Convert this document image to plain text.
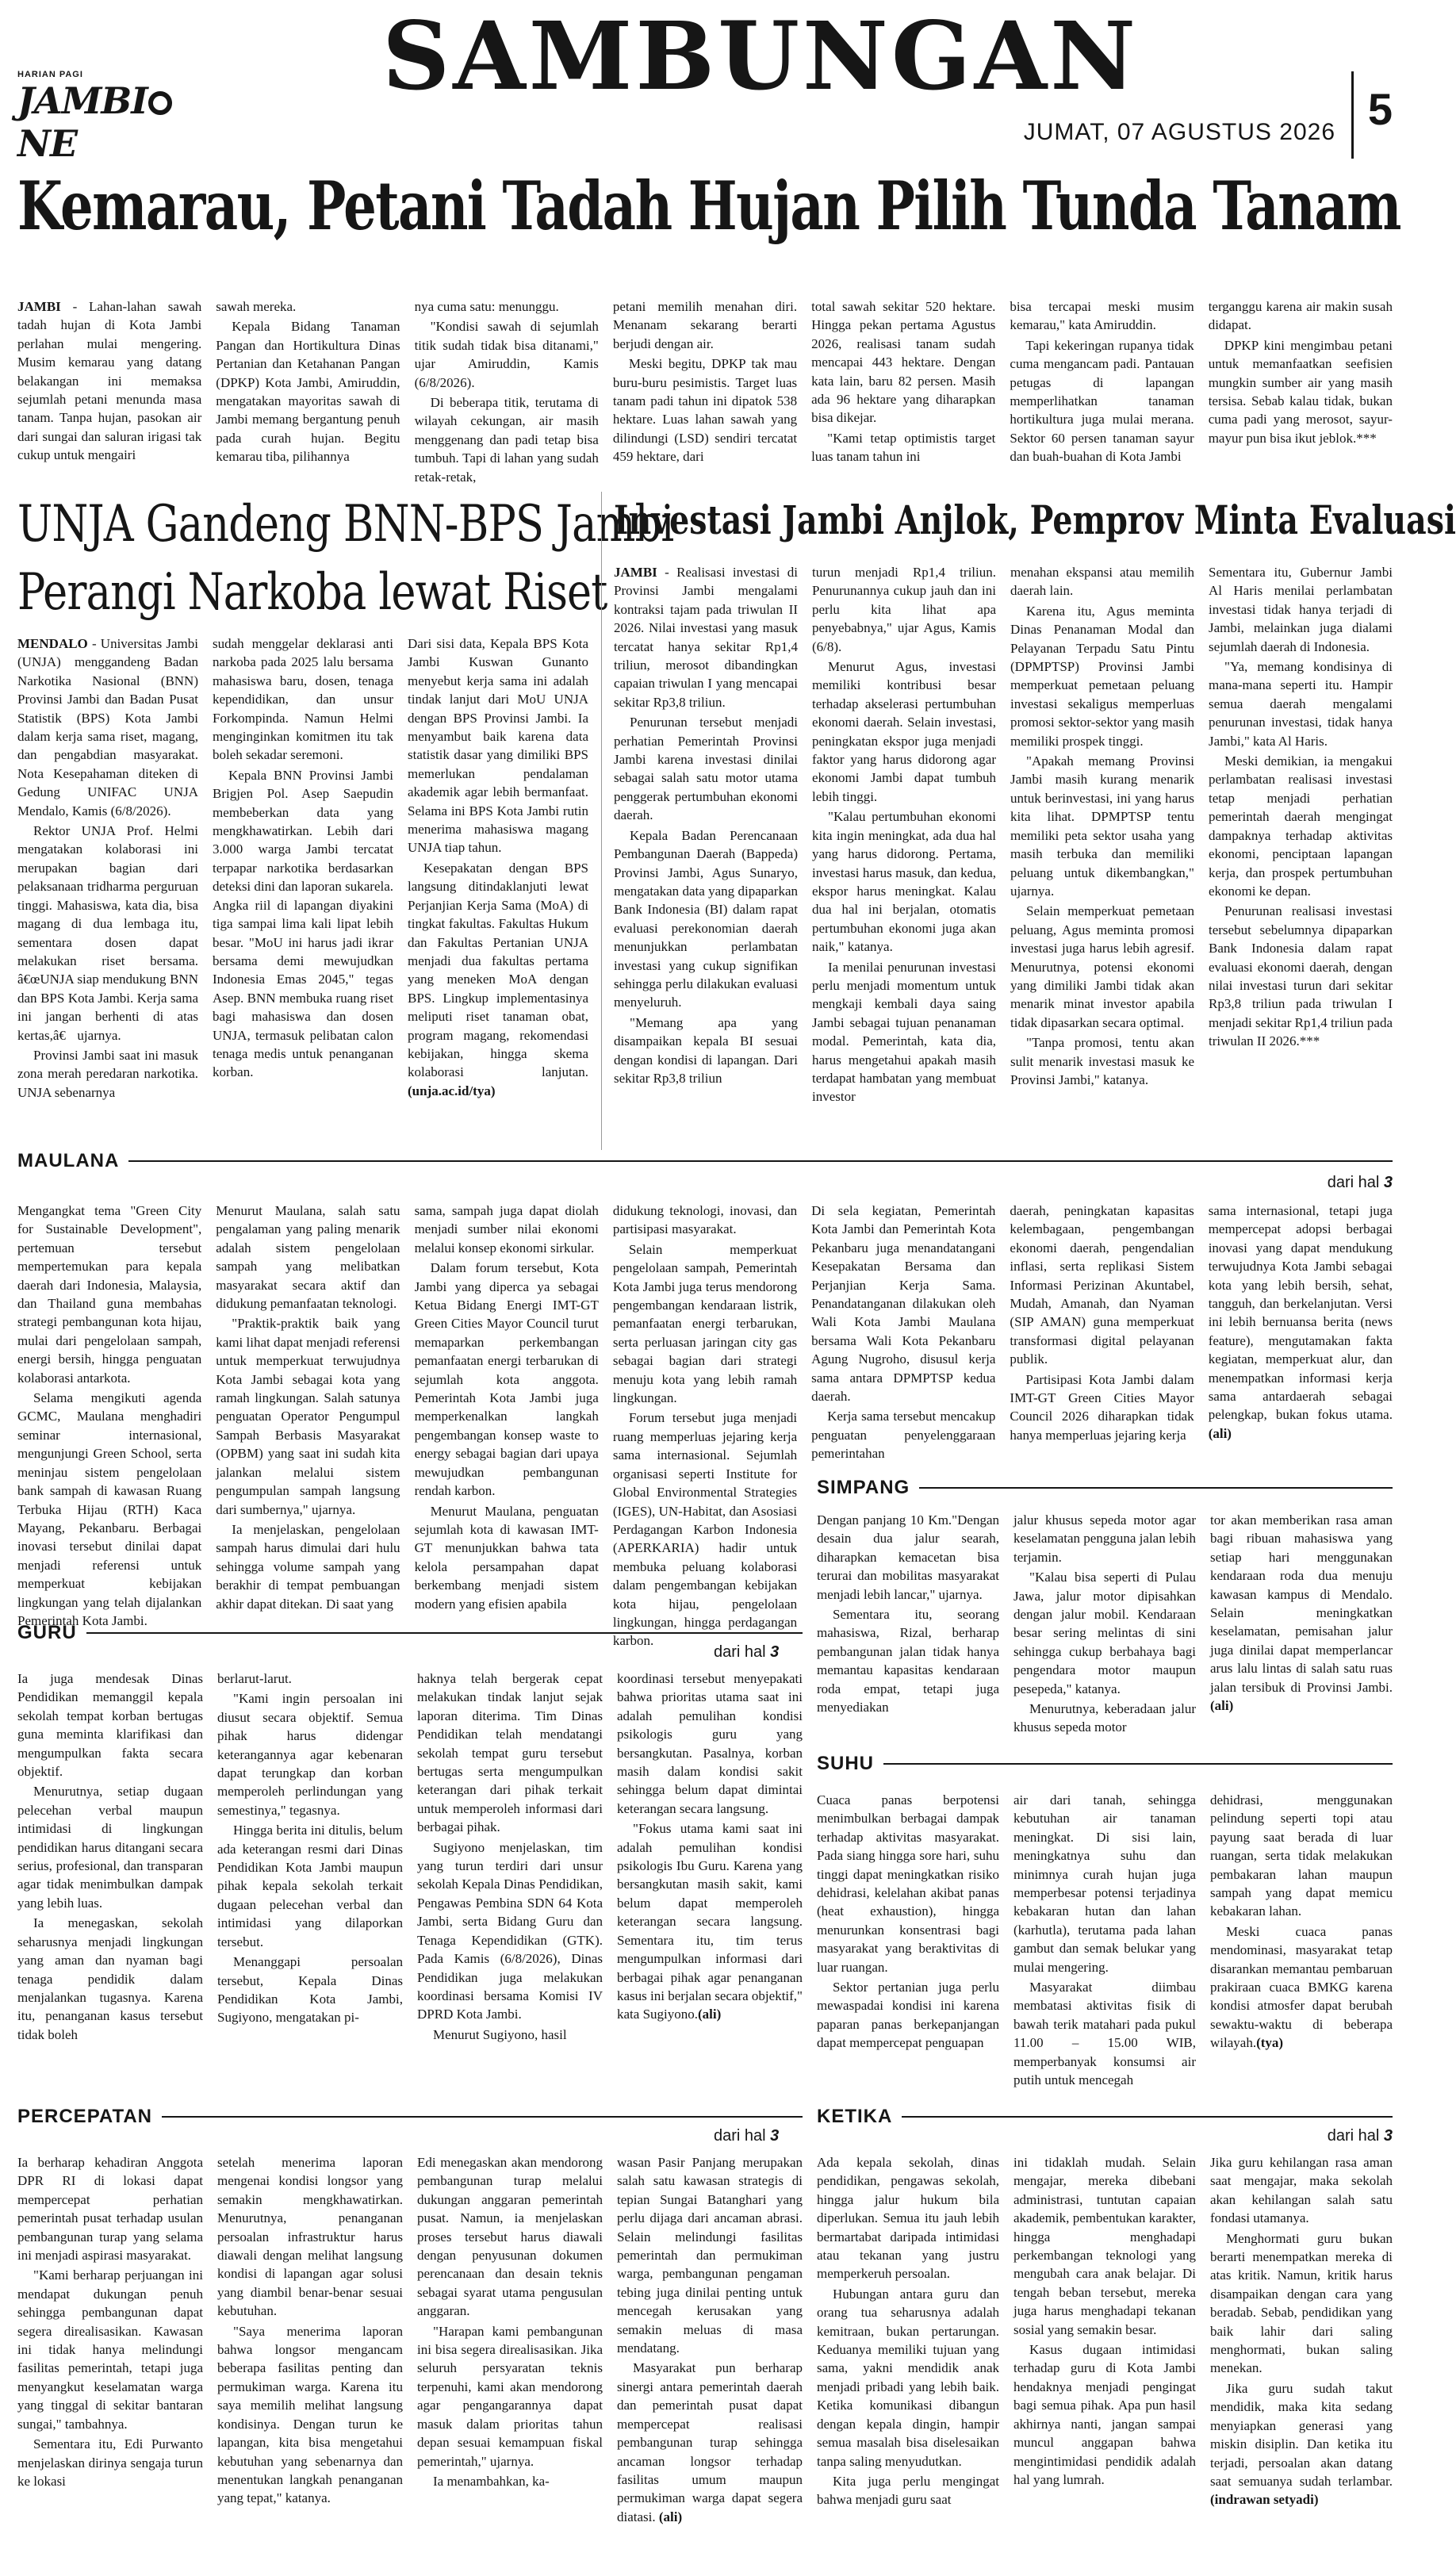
HARIAN PAGI
JAMBINE
SAMBUNGAN
JUMAT, 07 AGUSTUS 2026 5
Kemarau, Petani Tadah Hujan Pilih Tunda Tanam

JAMBI - Lahan-lahan sawah tadah hujan di Kota Jambi perlahan mulai mengering. Musim kemarau yang datang belakangan ini memaksa sejumlah petani menunda masa tanam. Tanpa hujan, pasokan air dari sungai dan saluran irigasi tak cukup untuk mengairi

sawah mereka.

Kepala Bidang Tanaman Pangan dan Hortikultura Dinas Pertanian dan Ketahanan Pangan (DPKP) Kota Jambi, Amiruddin, mengatakan mayoritas sawah di Jambi memang bergantung penuh pada curah hujan. Begitu kemarau tiba, pilihannya

nya cuma satu: menunggu.

"Kondisi sawah di sejumlah titik sudah tidak bisa ditanami," ujar Amiruddin, Kamis (6/8/2026).

Di beberapa titik, terutama di wilayah cekungan, air masih menggenang dan padi tetap bisa tumbuh. Tapi di lahan yang sudah retak-retak,

petani memilih menahan diri. Menanam sekarang berarti berjudi dengan air.

Meski begitu, DPKP tak mau buru-buru pesimistis. Target luas tanam padi tahun ini dipatok 538 hektare. Luas lahan sawah yang dilindungi (LSD) sendiri tercatat 459 hektare, dari

total sawah sekitar 520 hektare. Hingga pekan pertama Agustus 2026, realisasi tanam sudah mencapai 443 hektare. Dengan kata lain, baru 82 persen. Masih ada 96 hektare yang diharapkan bisa dikejar.

"Kami tetap optimistis target luas tanam tahun ini

bisa tercapai meski musim kemarau," kata Amiruddin.

Tapi kekeringan rupanya tidak cuma mengancam padi. Pantauan petugas di lapangan memperlihatkan tanaman hortikultura juga mulai merana. Sektor 60 persen tanaman sayur dan buah-buahan di Kota Jambi

terganggu karena air makin susah didapat.

DPKP kini mengimbau petani untuk memanfaatkan seefisien mungkin sumber air yang masih tersisa. Sebab kalau tidak, bukan cuma padi yang merosot, sayur-mayur pun bisa ikut jeblok.***

UNJA Gandeng BNN-BPS Jambi
Perangi Narkoba lewat Riset

MENDALO - Universitas Jambi (UNJA) menggandeng Badan Narkotika Nasional (BNN) Provinsi Jambi dan Badan Pusat Statistik (BPS) Kota Jambi dalam kerja sama riset, magang, dan pengabdian masyarakat. Nota Kesepahaman diteken di Gedung UNIFAC UNJA Mendalo, Kamis (6/8/2026).

Rektor UNJA Prof. Helmi mengatakan kolaborasi ini merupakan bagian dari pelaksanaan tridharma perguruan tinggi. Mahasiswa, kata dia, bisa magang di dua lembaga itu, sementara dosen dapat melakukan riset bersama. â€œUNJA siap mendukung BNN dan BPS Kota Jambi. Kerja sama ini jangan berhenti di atas kertas,â€ ujarnya.

Provinsi Jambi saat ini masuk zona merah peredaran narkotika. UNJA sebenarnya

sudah menggelar deklarasi anti narkoba pada 2025 lalu bersama mahasiswa baru, dosen, tenaga kependidikan, dan unsur Forkompinda. Namun Helmi menginginkan komitmen itu tak boleh sekadar seremoni.

Kepala BNN Provinsi Jambi Brigjen Pol. Asep Saepudin membeberkan data yang mengkhawatirkan. Lebih dari 3.000 warga Jambi tercatat terpapar narkotika berdasarkan deteksi dini dan laporan sukarela. Angka riil di lapangan diyakini tiga sampai lima kali lipat lebih besar. "MoU ini harus jadi ikrar bersama demi mewujudkan Indonesia Emas 2045," tegas Asep. BNN membuka ruang riset bagi mahasiswa dan dosen UNJA, termasuk pelibatan calon tenaga medis untuk penanganan korban.

Dari sisi data, Kepala BPS Kota Jambi Kuswan Gunanto menyebut kerja sama ini adalah tindak lanjut dari MoU UNJA dengan BPS Provinsi Jambi. Ia menyambut baik karena data statistik dasar yang dimiliki BPS memerlukan pendalaman akademik agar lebih bermanfaat. Selama ini BPS Kota Jambi rutin menerima mahasiswa magang UNJA tiap tahun.

Kesepakatan dengan BPS langsung ditindaklanjuti lewat Perjanjian Kerja Sama (MoA) di tingkat fakultas. Fakultas Hukum dan Fakultas Pertanian UNJA menjadi dua fakultas pertama yang meneken MoA dengan BPS. Lingkup implementasinya meliputi riset tanaman obat, program magang, rekomendasi kebijakan, hingga skema kolaborasi lanjutan.(unja.ac.id/tya)

Investasi Jambi Anjlok, Pemprov Minta Evaluasi

JAMBI - Realisasi investasi di Provinsi Jambi mengalami kontraksi tajam pada triwulan II 2026. Nilai investasi yang masuk tercatat hanya sekitar Rp1,4 triliun, merosot dibandingkan capaian triwulan I yang mencapai sekitar Rp3,8 triliun.

Penurunan tersebut menjadi perhatian Pemerintah Provinsi Jambi karena investasi dinilai sebagai salah satu motor utama penggerak pertumbuhan ekonomi daerah.

Kepala Badan Perencanaan Pembangunan Daerah (Bappeda) Provinsi Jambi, Agus Sunaryo, mengatakan data yang dipaparkan Bank Indonesia (BI) dalam rapat evaluasi perekonomian daerah menunjukkan perlambatan investasi yang cukup signifikan sehingga perlu dilakukan evaluasi menyeluruh.

"Memang apa yang disampaikan kepala BI sesuai dengan kondisi di lapangan. Dari sekitar Rp3,8 triliun

turun menjadi Rp1,4 triliun. Penurunannya cukup jauh dan ini perlu kita lihat apa penyebabnya," ujar Agus, Kamis (6/8).

Menurut Agus, investasi memiliki kontribusi besar terhadap akselerasi pertumbuhan ekonomi daerah. Selain investasi, peningkatan ekspor juga menjadi faktor yang harus didorong agar ekonomi Jambi dapat tumbuh lebih tinggi.

"Kalau pertumbuhan ekonomi kita ingin meningkat, ada dua hal yang harus didorong. Pertama, investasi harus masuk, dan kedua, ekspor harus meningkat. Kalau dua hal ini berjalan, otomatis pertumbuhan ekonomi juga akan naik," katanya.

Ia menilai penurunan investasi perlu menjadi momentum untuk mengkaji kembali daya saing Jambi sebagai tujuan penanaman modal. Pemerintah, kata dia, harus mengetahui apakah masih terdapat hambatan yang membuat investor

menahan ekspansi atau memilih daerah lain.

Karena itu, Agus meminta Dinas Penanaman Modal dan Pelayanan Terpadu Satu Pintu (DPMPTSP) Provinsi Jambi memperkuat pemetaan peluang investasi sekaligus memperluas promosi sektor-sektor yang masih memiliki prospek tinggi.

"Apakah memang Provinsi Jambi masih kurang menarik untuk berinvestasi, ini yang harus kita lihat. DPMPTSP tentu memiliki peta sektor usaha yang masih terbuka dan memiliki peluang untuk dikembangkan," ujarnya.

Selain memperkuat pemetaan peluang, Agus meminta promosi investasi juga harus lebih agresif. Menurutnya, potensi ekonomi yang dimiliki Jambi tidak akan menarik minat investor apabila tidak dipasarkan secara optimal.

"Tanpa promosi, tentu akan sulit menarik investasi masuk ke Provinsi Jambi," katanya.

Sementara itu, Gubernur Jambi Al Haris menilai perlambatan investasi tidak hanya terjadi di Jambi, melainkan juga dialami sejumlah daerah di Indonesia.

"Ya, memang kondisinya di mana-mana seperti itu. Hampir semua daerah mengalami penurunan investasi, tidak hanya Jambi," kata Al Haris.

Meski demikian, ia mengakui perlambatan realisasi investasi tetap menjadi perhatian pemerintah daerah mengingat dampaknya terhadap aktivitas ekonomi, penciptaan lapangan kerja, dan prospek pertumbuhan ekonomi ke depan.

Penurunan realisasi investasi tersebut sebelumnya dipaparkan Bank Indonesia dalam rapat evaluasi ekonomi daerah, dengan nilai investasi turun dari sekitar Rp3,8 triliun pada triwulan I menjadi sekitar Rp1,4 triliun pada triwulan II 2026.***

MAULANA
dari hal 3

Mengangkat tema "Green City for Sustainable Development", pertemuan tersebut mempertemukan para kepala daerah dari Indonesia, Malaysia, dan Thailand guna membahas strategi pembangunan kota hijau, mulai dari pengelolaan sampah, energi bersih, hingga penguatan kolaborasi antarkota.

Selama mengikuti agenda GCMC, Maulana menghadiri seminar internasional, mengunjungi Green School, serta meninjau sistem pengelolaan bank sampah di kawasan Ruang Terbuka Hijau (RTH) Kaca Mayang, Pekanbaru. Berbagai inovasi tersebut dinilai dapat menjadi referensi untuk memperkuat kebijakan lingkungan yang telah dijalankan Pemerintah Kota Jambi.

Menurut Maulana, salah satu pengalaman yang paling menarik adalah sistem pengelolaan sampah yang melibatkan masyarakat secara aktif dan didukung pemanfaatan teknologi.

"Praktik-praktik baik yang kami lihat dapat menjadi referensi untuk memperkuat terwujudnya Kota Jambi sebagai kota yang ramah lingkungan. Salah satunya penguatan Operator Pengumpul Sampah Berbasis Masyarakat (OPBM) yang saat ini sudah kita jalankan melalui sistem pengumpulan sampah langsung dari sumbernya," ujarnya.

Ia menjelaskan, pengelolaan sampah harus dimulai dari hulu sehingga volume sampah yang berakhir di tempat pembuangan akhir dapat ditekan. Di saat yang

sama, sampah juga dapat diolah menjadi sumber nilai ekonomi melalui konsep ekonomi sirkular.

Dalam forum tersebut, Kota Jambi yang diperca ya sebagai Ketua Bidang Energi IMT-GT Green Cities Mayor Council turut memaparkan perkembangan pemanfaatan energi terbarukan di sejumlah kota anggota. Pemerintah Kota Jambi juga memperkenalkan langkah pengembangan konsep waste to energy sebagai bagian dari upaya mewujudkan pembangunan rendah karbon.

Menurut Maulana, penguatan sejumlah kota di kawasan IMT-GT menunjukkan bahwa tata kelola persampahan dapat berkembang menjadi sistem modern yang efisien apabila

didukung teknologi, inovasi, dan partisipasi masyarakat.

Selain memperkuat pengelolaan sampah, Pemerintah Kota Jambi juga terus mendorong pengembangan kendaraan listrik, pemanfaatan energi terbarukan, serta perluasan jaringan city gas sebagai bagian dari strategi menuju kota yang lebih ramah lingkungan.

Forum tersebut juga menjadi ruang memperluas jejaring kerja sama internasional. Sejumlah organisasi seperti Institute for Global Environmental Strategies (IGES), UN-Habitat, dan Asosiasi Perdagangan Karbon Indonesia (APERKARIA) hadir untuk membuka peluang kolaborasi dalam pengembangan kebijakan kota hijau, pengelolaan lingkungan, hingga perdagangan karbon.

Di sela kegiatan, Pemerintah Kota Jambi dan Pemerintah Kota Pekanbaru juga menandatangani Kesepakatan Bersama dan Perjanjian Kerja Sama. Penandatanganan dilakukan oleh Wali Kota Jambi Maulana bersama Wali Kota Pekanbaru Agung Nugroho, disusul kerja sama antara DPMPTSP kedua daerah.

Kerja sama tersebut mencakup penguatan penyelenggaraan pemerintahan

daerah, peningkatan kapasitas kelembagaan, pengembangan ekonomi daerah, pengendalian inflasi, serta replikasi Sistem Informasi Perizinan Akuntabel, Mudah, Amanah, dan Nyaman (SIP AMAN) guna memperkuat transformasi digital pelayanan publik.

Partisipasi Kota Jambi dalam IMT-GT Green Cities Mayor Council 2026 diharapkan tidak hanya memperluas jejaring kerja

sama internasional, tetapi juga mempercepat adopsi berbagai inovasi yang dapat mendukung terwujudnya Kota Jambi sebagai kota yang lebih bersih, sehat, tangguh, dan berkelanjutan. Versi ini lebih bernuansa berita (news feature), mengutamakan fakta kegiatan, memperkuat alur, dan menempatkan informasi kerja sama antardaerah sebagai pelengkap, bukan fokus utama. (ali)

SIMPANG

Dengan panjang 10 Km."Dengan desain dua jalur searah, diharapkan kemacetan bisa terurai dan mobilitas masyarakat menjadi lebih lancar," ujarnya.

Sementara itu, seorang mahasiswa, Rizal, berharap pembangunan jalan tidak hanya memantau kapasitas kendaraan roda empat, tetapi juga menyediakan

jalur khusus sepeda motor agar keselamatan pengguna jalan lebih terjamin.

"Kalau bisa seperti di Pulau Jawa, jalur motor dipisahkan dengan jalur mobil. Kendaraan besar sering melintas di sini sehingga cukup berbahaya bagi pengendara motor maupun pesepeda," katanya.

Menurutnya, keberadaan jalur khusus sepeda motor

tor akan memberikan rasa aman bagi ribuan mahasiswa yang setiap hari menggunakan kendaraan roda dua menuju kawasan kampus di Mendalo. Selain meningkatkan keselamatan, pemisahan jalur juga dinilai dapat memperlancar arus lalu lintas di salah satu ruas jalan tersibuk di Provinsi Jambi. (ali)

GURU
dari hal 3

Ia juga mendesak Dinas Pendidikan memanggil kepala sekolah tempat korban bertugas guna meminta klarifikasi dan mengumpulkan fakta secara objektif.

Menurutnya, setiap dugaan pelecehan verbal maupun intimidasi di lingkungan pendidikan harus ditangani secara serius, profesional, dan transparan agar tidak menimbulkan dampak yang lebih luas.

Ia menegaskan, sekolah seharusnya menjadi lingkungan yang aman dan nyaman bagi tenaga pendidik dalam menjalankan tugasnya. Karena itu, penanganan kasus tersebut tidak boleh

berlarut-larut.

"Kami ingin persoalan ini diusut secara objektif. Semua pihak harus didengar keterangannya agar kebenaran dapat terungkap dan korban memperoleh perlindungan yang semestinya," tegasnya.

Hingga berita ini ditulis, belum ada keterangan resmi dari Dinas Pendidikan Kota Jambi maupun pihak kepala sekolah terkait dugaan pelecehan verbal dan intimidasi yang dilaporkan tersebut.

Menanggapi persoalan tersebut, Kepala Dinas Pendidikan Kota Jambi, Sugiyono, mengatakan pi-

haknya telah bergerak cepat melakukan tindak lanjut sejak laporan diterima. Tim Dinas Pendidikan telah mendatangi sekolah tempat guru tersebut bertugas serta mengumpulkan keterangan dari pihak terkait untuk memperoleh informasi dari berbagai pihak.

Sugiyono menjelaskan, tim yang turun terdiri dari unsur sekolah Kepala Dinas Pendidikan, Pengawas Pembina SDN 64 Kota Jambi, serta Bidang Guru dan Tenaga Kependidikan (GTK). Pada Kamis (6/8/2026), Dinas Pendidikan juga melakukan koordinasi bersama Komisi IV DPRD Kota Jambi.

Menurut Sugiyono, hasil

koordinasi tersebut menyepakati bahwa prioritas utama saat ini adalah pemulihan kondisi psikologis guru yang bersangkutan. Pasalnya, korban masih dalam kondisi sakit sehingga belum dapat dimintai keterangan secara langsung.

"Fokus utama kami saat ini adalah pemulihan kondisi psikologis Ibu Guru. Karena yang bersangkutan masih sakit, kami belum dapat memperoleh keterangan secara langsung. Sementara itu, tim terus mengumpulkan informasi dari berbagai pihak agar penanganan kasus ini berjalan secara objektif," kata Sugiyono.(ali)

SUHU

Cuaca panas berpotensi menimbulkan berbagai dampak terhadap aktivitas masyarakat. Pada siang hingga sore hari, suhu tinggi dapat meningkatkan risiko dehidrasi, kelelahan akibat panas (heat exhaustion), hingga menurunkan konsentrasi bagi masyarakat yang beraktivitas di luar ruangan.

Sektor pertanian juga perlu mewaspadai kondisi ini karena paparan panas berkepanjangan dapat mempercepat penguapan

air dari tanah, sehingga kebutuhan air tanaman meningkat. Di sisi lain, meningkatnya suhu dan minimnya curah hujan juga memperbesar potensi terjadinya kebakaran hutan dan lahan (karhutla), terutama pada lahan gambut dan semak belukar yang mulai mengering.

Masyarakat diimbau membatasi aktivitas fisik di bawah terik matahari pada pukul 11.00 – 15.00 WIB, memperbanyak konsumsi air putih untuk mencegah

dehidrasi, menggunakan pelindung seperti topi atau payung saat berada di luar ruangan, serta tidak melakukan pembakaran lahan maupun sampah yang dapat memicu kebakaran lahan.

Meski cuaca panas mendominasi, masyarakat tetap disarankan memantau pembaruan prakiraan cuaca BMKG karena kondisi atmosfer dapat berubah sewaktu-waktu di beberapa wilayah.(tya)

PERCEPATAN
dari hal 3

Ia berharap kehadiran Anggota DPR RI di lokasi dapat mempercepat perhatian pemerintah pusat terhadap usulan pembangunan turap yang selama ini menjadi aspirasi masyarakat.

"Kami berharap perjuangan ini mendapat dukungan penuh sehingga pembangunan dapat segera direalisasikan. Kawasan ini tidak hanya melindungi fasilitas pemerintah, tetapi juga menyangkut keselamatan warga yang tinggal di sekitar bantaran sungai," tambahnya.

Sementara itu, Edi Purwanto menjelaskan dirinya sengaja turun ke lokasi

setelah menerima laporan mengenai kondisi longsor yang semakin mengkhawatirkan. Menurutnya, penanganan persoalan infrastruktur harus diawali dengan melihat langsung kondisi di lapangan agar solusi yang diambil benar-benar sesuai kebutuhan.

"Saya menerima laporan bahwa longsor mengancam beberapa fasilitas penting dan permukiman warga. Karena itu saya memilih melihat langsung kondisinya. Dengan turun ke lapangan, kita bisa mengetahui kebutuhan yang sebenarnya dan menentukan langkah penanganan yang tepat," katanya.

Edi menegaskan akan mendorong pembangunan turap melalui dukungan anggaran pemerintah pusat. Namun, ia menjelaskan proses tersebut harus diawali dengan penyusunan dokumen perencanaan dan desain teknis sebagai syarat utama pengusulan anggaran.

"Harapan kami pembangunan ini bisa segera direalisasikan. Jika seluruh persyaratan teknis terpenuhi, kami akan mendorong agar pengangarannya dapat masuk dalam prioritas tahun depan sesuai kemampuan fiskal pemerintah," ujarnya.

Ia menambahkan, ka-

wasan Pasir Panjang merupakan salah satu kawasan strategis di tepian Sungai Batanghari yang perlu dijaga dari ancaman abrasi. Selain melindungi fasilitas pemerintah dan permukiman warga, pembangunan pengaman tebing juga dinilai penting untuk mencegah kerusakan yang semakin meluas di masa mendatang.

Masyarakat pun berharap sinergi antara pemerintah daerah dan pemerintah pusat dapat mempercepat realisasi pembangunan turap sehingga ancaman longsor terhadap fasilitas umum maupun permukiman warga dapat segera diatasi. (ali)

KETIKA
dari hal 3

Ada kepala sekolah, dinas pendidikan, pengawas sekolah, hingga jalur hukum bila diperlukan. Semua itu jauh lebih bermartabat daripada intimidasi atau tekanan yang justru memperkeruh persoalan.

Hubungan antara guru dan orang tua seharusnya adalah kemitraan, bukan pertarungan. Keduanya memiliki tujuan yang sama, yakni mendidik anak menjadi pribadi yang lebih baik. Ketika komunikasi dibangun dengan kepala dingin, hampir semua masalah bisa diselesaikan tanpa saling menyudutkan.

Kita juga perlu mengingat bahwa menjadi guru saat

ini tidaklah mudah. Selain mengajar, mereka dibebani administrasi, tuntutan capaian akademik, pembentukan karakter, hingga menghadapi perkembangan teknologi yang mengubah cara anak belajar. Di tengah beban tersebut, mereka juga harus menghadapi tekanan sosial yang semakin besar.

Kasus dugaan intimidasi terhadap guru di Kota Jambi hendaknya menjadi pengingat bagi semua pihak. Apa pun hasil akhirnya nanti, jangan sampai muncul anggapan bahwa mengintimidasi pendidik adalah hal yang lumrah.

Jika guru kehilangan rasa aman saat mengajar, maka sekolah akan kehilangan salah satu fondasi utamanya.

Menghormati guru bukan berarti menempatkan mereka di atas kritik. Namun, kritik harus disampaikan dengan cara yang beradab. Sebab, pendidikan yang baik lahir dari saling menghormati, bukan saling menekan.

Jika guru sudah takut mendidik, maka kita sedang menyiapkan generasi yang miskin disiplin. Dan ketika itu terjadi, persoalan akan datang saat semuanya sudah terlambar. (indrawan setyadi)
